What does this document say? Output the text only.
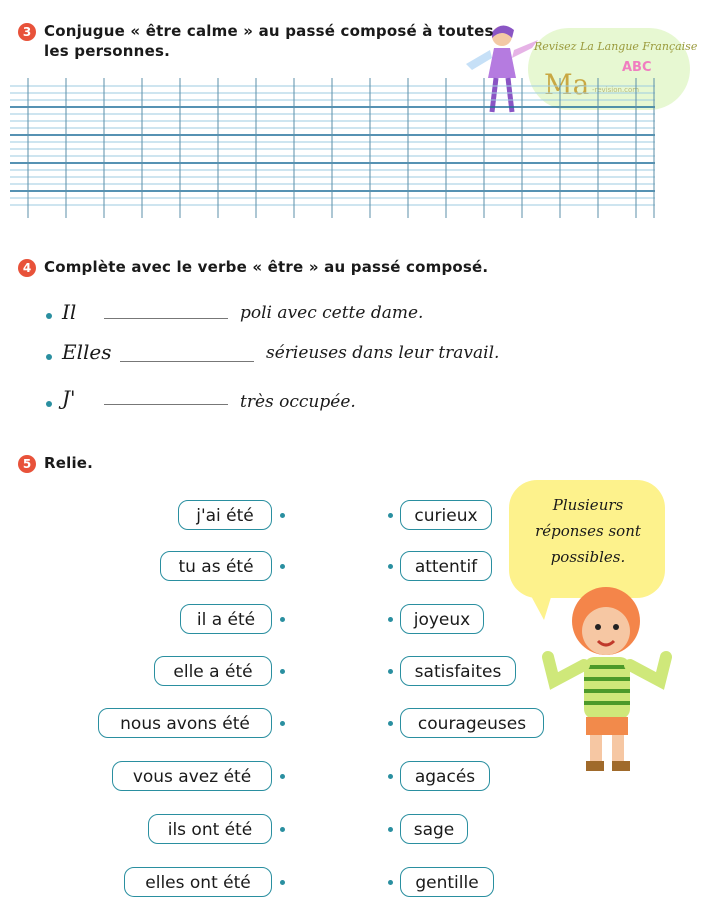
Revisez La Langue Française
Ma
ABC
-revision.com
3 Conjugue « être calme » au passé composé à toutes
les personnes.
4 Complète avec le verbe « être » au passé composé.
Il	poli avec cette dame.
Elles	sérieuses dans leur travail.
J'	très occupée.
5 Relie.
j'ai été
tu as été
il a été
elle a été
nous avons été
vous avez été
ils ont été
elles ont été
curieux
attentif
joyeux
satisfaites
courageuses
agacés
sage
gentille
Plusieurs
réponses sont
possibles.
